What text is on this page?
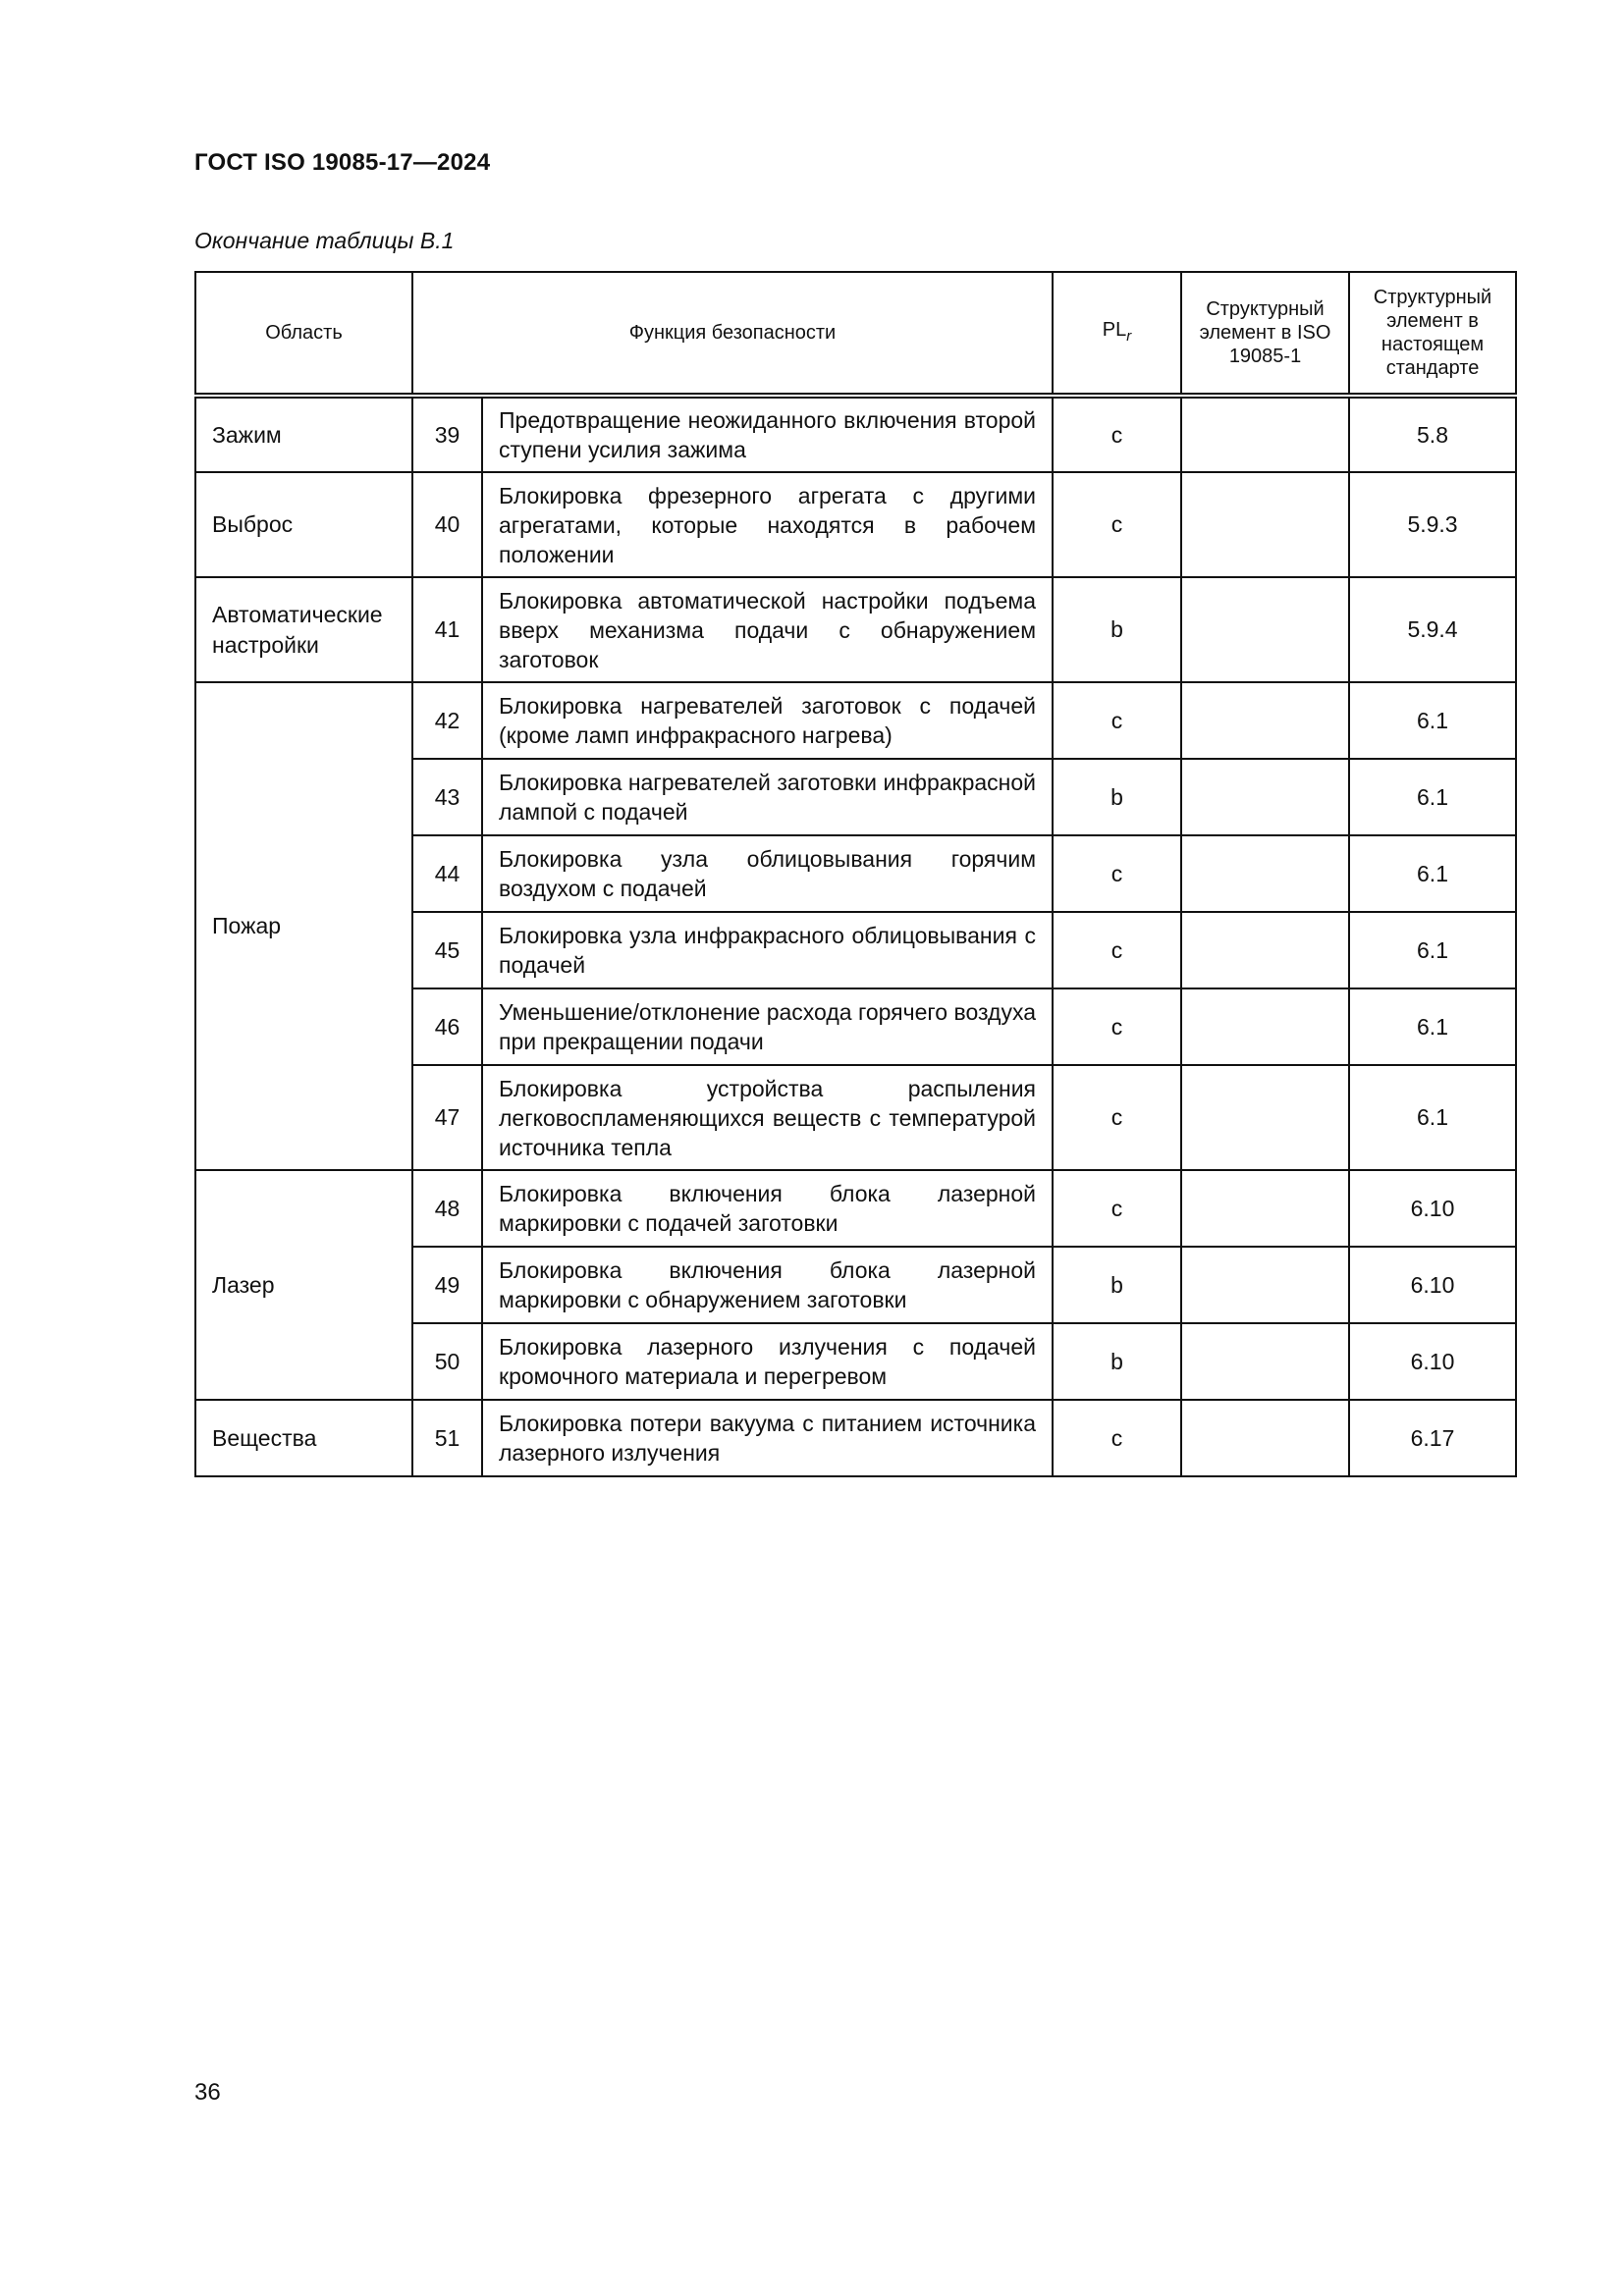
ГОСТ ISO 19085-17—2024
Окончание таблицы В.1
Область	Функция безопасности		$PL_r$	Структурный элемент в ISO 19085-1	Структурный элемент в настоящем стандарте
Зажим	39	Предотвращение неожиданного включения второй ступени усилия зажима	c		5.8
Выброс	40	Блокировка фрезерного агрегата с другими агрегатами, которые находятся в рабочем положении	c		5.9.3
Автоматические настройки	41	Блокировка автоматической настройки подъема вверх механизма подачи с обнаружением заготовок	b		5.9.4
Пожар	42	Блокировка нагревателей заготовок с подачей (кроме ламп инфракрасного нагрева)	c		6.1
	43	Блокировка нагревателей заготовки инфракрасной лампой с подачей	b		6.1
	44	Блокировка узла облицовывания горячим воздухом с подачей	c		6.1
	45	Блокировка узла инфракрасного облицовывания с подачей	c		6.1
	46	Уменьшение/отклонение расхода горячего воздуха при прекращении подачи	c		6.1
	47	Блокировка устройства распыления легковоспламеняющихся веществ с температурой источника тепла	c		6.1
Лазер	48	Блокировка включения блока лазерной маркировки с подачей заготовки	c		6.10
	49	Блокировка включения блока лазерной маркировки с обнаружением заготовки	b		6.10
	50	Блокировка лазерного излучения с подачей кромочного материала и перегревом	b		6.10
Вещества	51	Блокировка потери вакуума с питанием источника лазерного излучения	c		6.17
36
